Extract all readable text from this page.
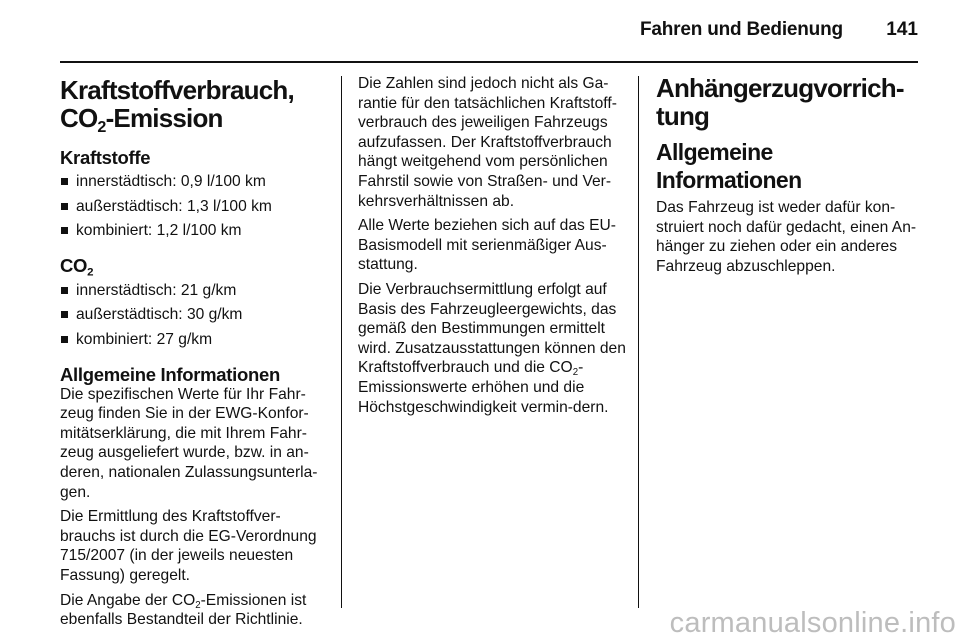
Fahren und Bedienung 141
Kraftstoffverbrauch,
$CO_2$-Emission
Kraftstoffe
innerstädtisch: 0,9 l/100 km
außerstädtisch: 1,3 l/100 km
kombiniert: 1,2 l/100 km
$CO_2$
innerstädtisch: 21 g/km
außerstädtisch: 30 g/km
kombiniert: 27 g/km
Allgemeine Informationen

Die spezifischen Werte für Ihr Fahr-zeug finden Sie in der EWG-Konfor-mitätserklärung, die mit Ihrem Fahr-zeug ausgeliefert wurde, bzw. in an-deren, nationalen Zulassungsunterla-gen.

Die Ermittlung des Kraftstoffver-brauchs ist durch die EG-Verordnung 715/2007 (in der jeweils neuesten Fassung) geregelt.

Die Angabe der $CO_2$-Emissionen ist ebenfalls Bestandteil der Richtlinie.

Die Zahlen sind jedoch nicht als Ga-rantie für den tatsächlichen Kraftstoff-verbrauch des jeweiligen Fahrzeugs aufzufassen. Der Kraftstoffverbrauch hängt weitgehend vom persönlichen Fahrstil sowie von Straßen- und Ver-kehrsverhältnissen ab.

Alle Werte beziehen sich auf das EU-Basismodell mit serienmäßiger Aus-stattung.

Die Verbrauchsermittlung erfolgt auf Basis des Fahrzeugleergewichts, das gemäß den Bestimmungen ermittelt wird. Zusatzausstattungen können den Kraftstoffverbrauch und die $CO_2$-Emissionswerte erhöhen und die Höchstgeschwindigkeit vermin-dern.

Anhängerzugvorrich-tung
Allgemeine Informationen

Das Fahrzeug ist weder dafür kon-struiert noch dafür gedacht, einen An-hänger zu ziehen oder ein anderes Fahrzeug abzuschleppen.

carmanualsonline.info
